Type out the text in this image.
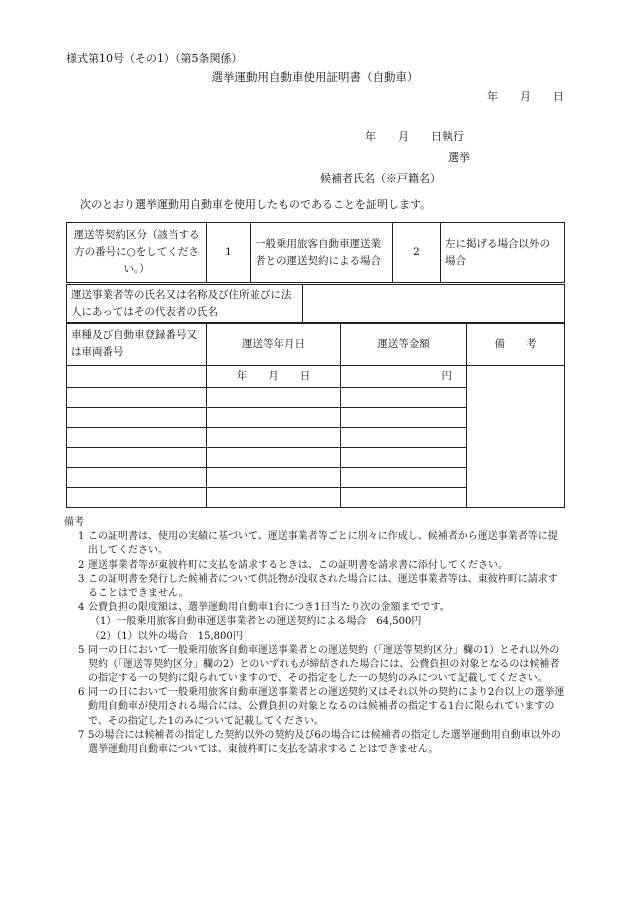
様式第10号（その1）（第5条関係）
選挙運動用自動車使用証明書（自動車）
年　　月　　日
年　　月　　日執行
選挙
候補者氏名（※戸籍名）
次のとおり選挙運動用自動車を使用したものであることを証明します。
運送等契約区分（該当する方の番号に○をしてください。）	1	一般乗用旅客自動車運送業者との運送契約による場合	2	左に掲げる場合以外の場合
運送事業者等の氏名又は名称及び住所並びに法人にあってはその代表者の氏名	
車種及び自動車登録番号又は車両番号	運送等年月日	運送等金額	備　　考
	年　　月　　日	円	

備考
1 この証明書は、使用の実績に基づいて、運送事業者等ごとに別々に作成し、候補者から運送事業者等に提出してください。
2 運送事業者等が東彼杵町に支払を請求するときは、この証明書を請求書に添付してください。
3 この証明書を発行した候補者について供託物が没収された場合には、運送事業者等は、東彼杵町に請求することはできません。
4 公費負担の限度額は、選挙運動用自動車1台につき1日当たり次の金額までです。
（1）一般乗用旅客自動車運送事業者との運送契約による場合　64,500円
（2）（1）以外の場合　15,800円
5 同一の日において一般乗用旅客自動車運送事業者との運送契約（「運送等契約区分」欄の1）とそれ以外の契約（「運送等契約区分」欄の2）とのいずれもが締結された場合には、公費負担の対象となるのは候補者の指定する一の契約に限られていますので、その指定をした一の契約のみについて記載してください。
6 同一の日において一般乗用旅客自動車運送事業者との運送契約又はそれ以外の契約により2台以上の選挙運動用自動車が使用される場合には、公費負担の対象となるのは候補者の指定する1台に限られていますので、その指定した1のみについて記載してください。
7 5の場合には候補者の指定した契約以外の契約及び6の場合には候補者の指定した選挙運動用自動車以外の選挙運動用自動車については、東彼杵町に支払を請求することはできません。
